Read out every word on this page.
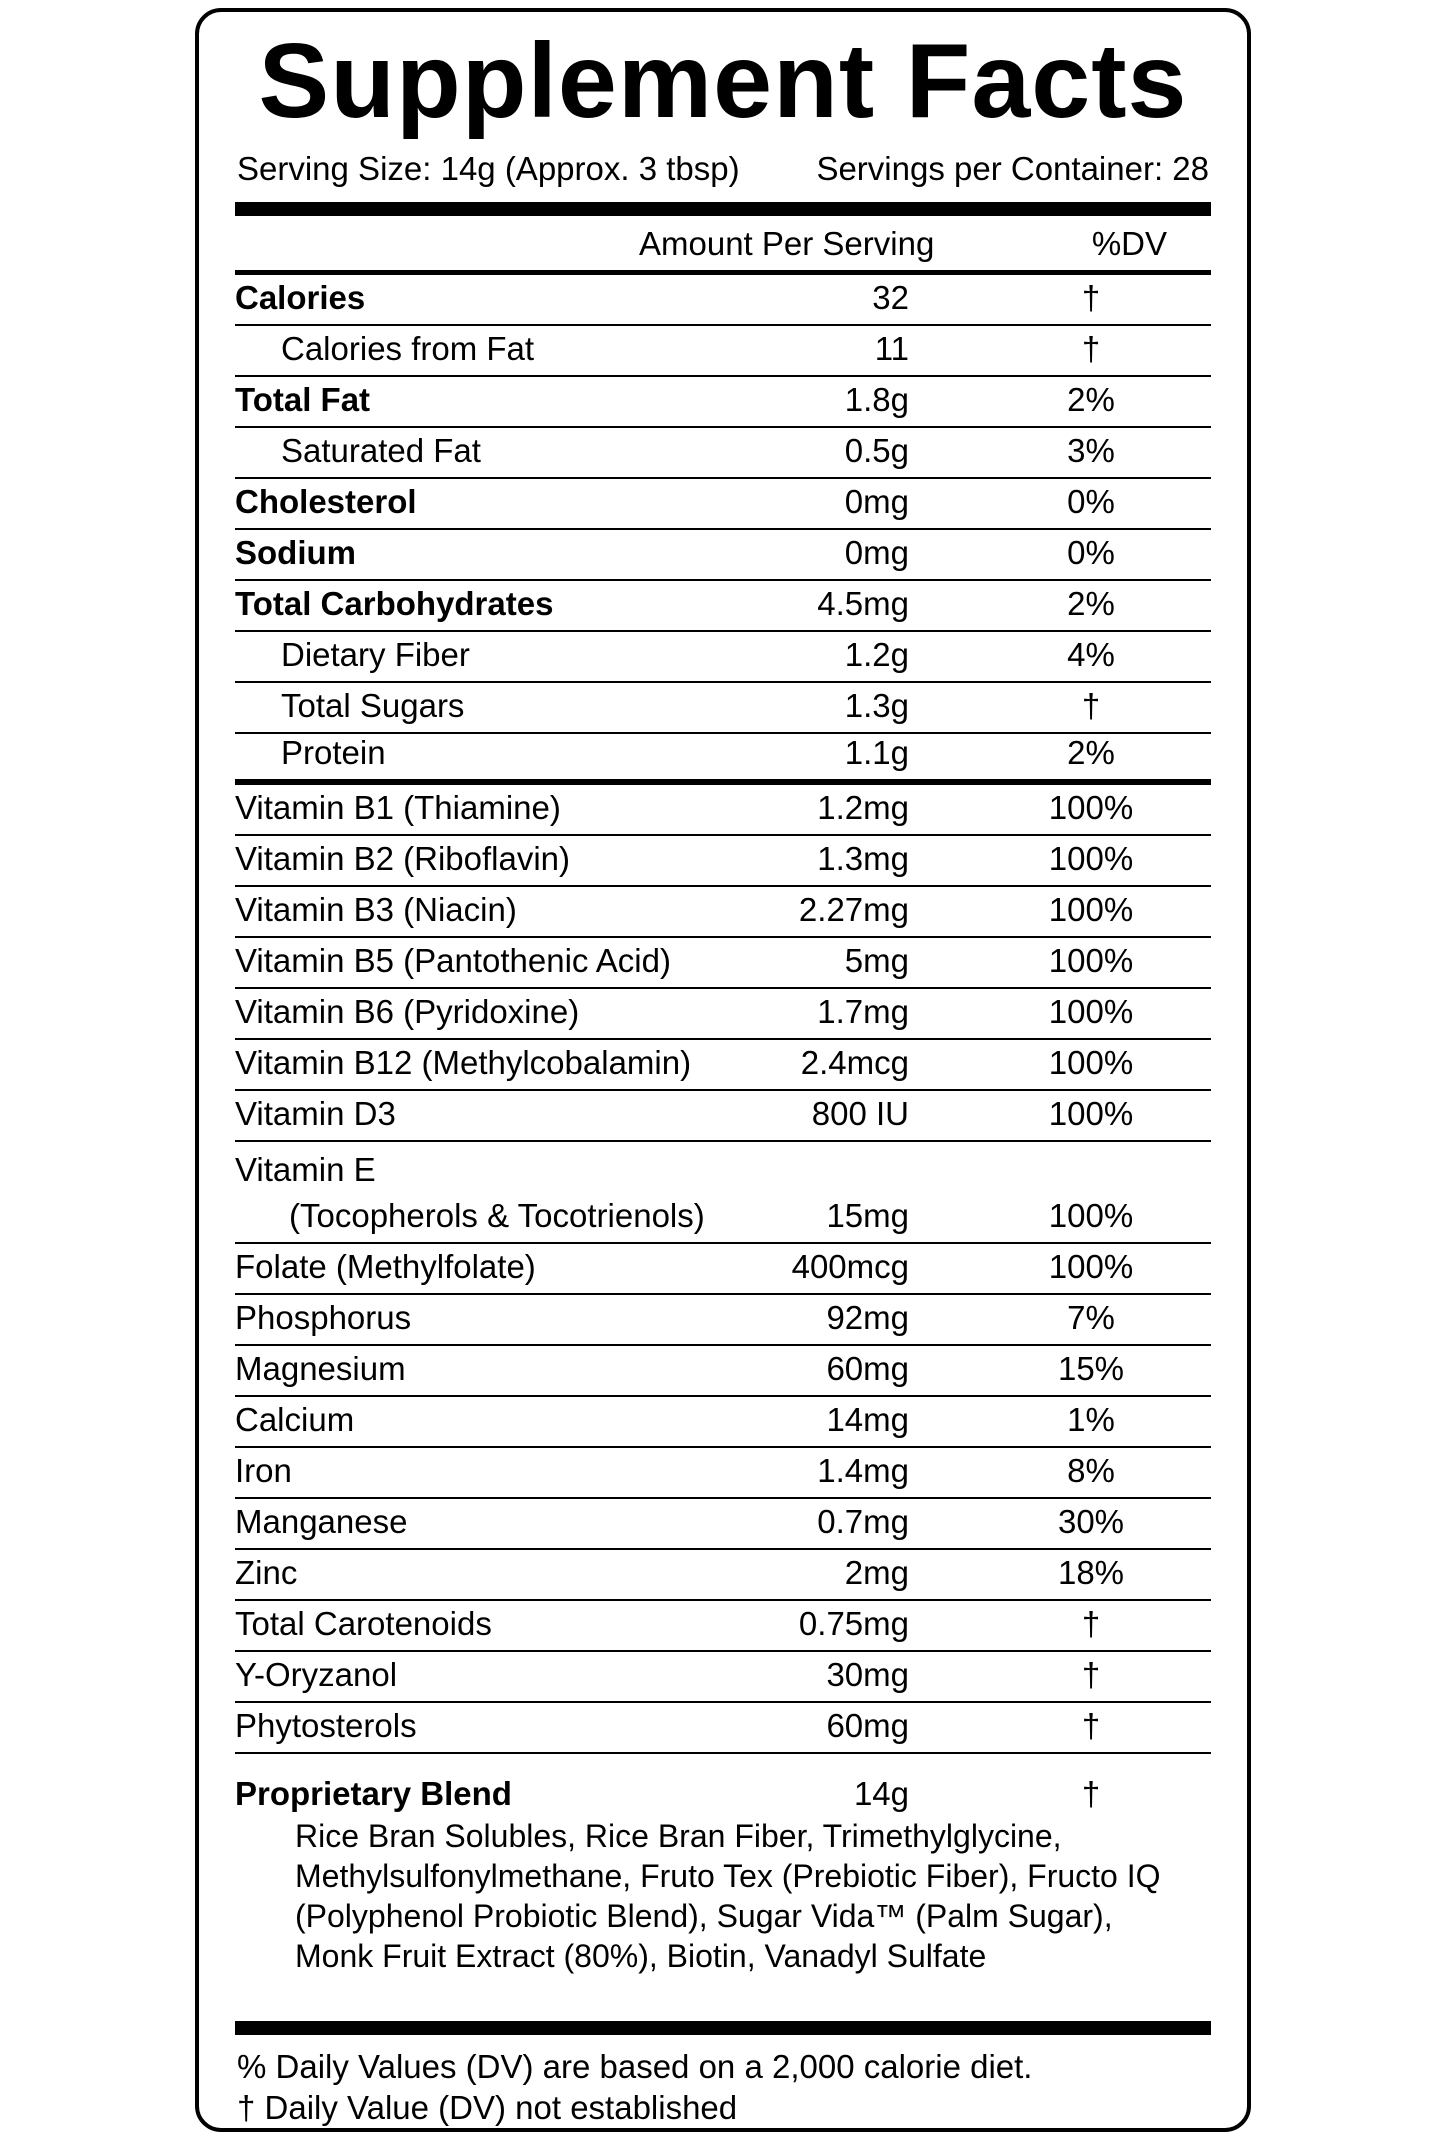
Supplement Facts
Serving Size: 14g (Approx. 3 tbsp) Servings per Container: 28
Amount Per Serving	%DV
Calories	32	†
Calories from Fat	11	†
Total Fat	1.8g	2%
Saturated Fat	0.5g	3%
Cholesterol	0mg	0%
Sodium	0mg	0%
Total Carbohydrates	4.5mg	2%
Dietary Fiber	1.2g	4%
Total Sugars	1.3g	†
Protein	1.1g	2%
Vitamin B1 (Thiamine)	1.2mg	100%
Vitamin B2 (Riboflavin)	1.3mg	100%
Vitamin B3 (Niacin)	2.27mg	100%
Vitamin B5 (Pantothenic Acid)	5mg	100%
Vitamin B6 (Pyridoxine)	1.7mg	100%
Vitamin B12 (Methylcobalamin)	2.4mcg	100%
Vitamin D3	800 IU	100%
Vitamin E
(Tocopherols & Tocotrienols)	15mg	100%
Folate (Methylfolate)	400mcg	100%
Phosphorus	92mg	7%
Magnesium	60mg	15%
Calcium	14mg	1%
Iron	1.4mg	8%
Manganese	0.7mg	30%
Zinc	2mg	18%
Total Carotenoids	0.75mg	†
Y-Oryzanol	30mg	†
Phytosterols	60mg	†
Proprietary Blend	14g	†
Rice Bran Solubles, Rice Bran Fiber, Trimethylglycine, Methylsulfonylmethane, Fruto Tex (Prebiotic Fiber), Fructo IQ (Polyphenol Probiotic Blend), Sugar Vida™ (Palm Sugar), Monk Fruit Extract (80%), Biotin, Vanadyl Sulfate
% Daily Values (DV) are based on a 2,000 calorie diet.
† Daily Value (DV) not established
